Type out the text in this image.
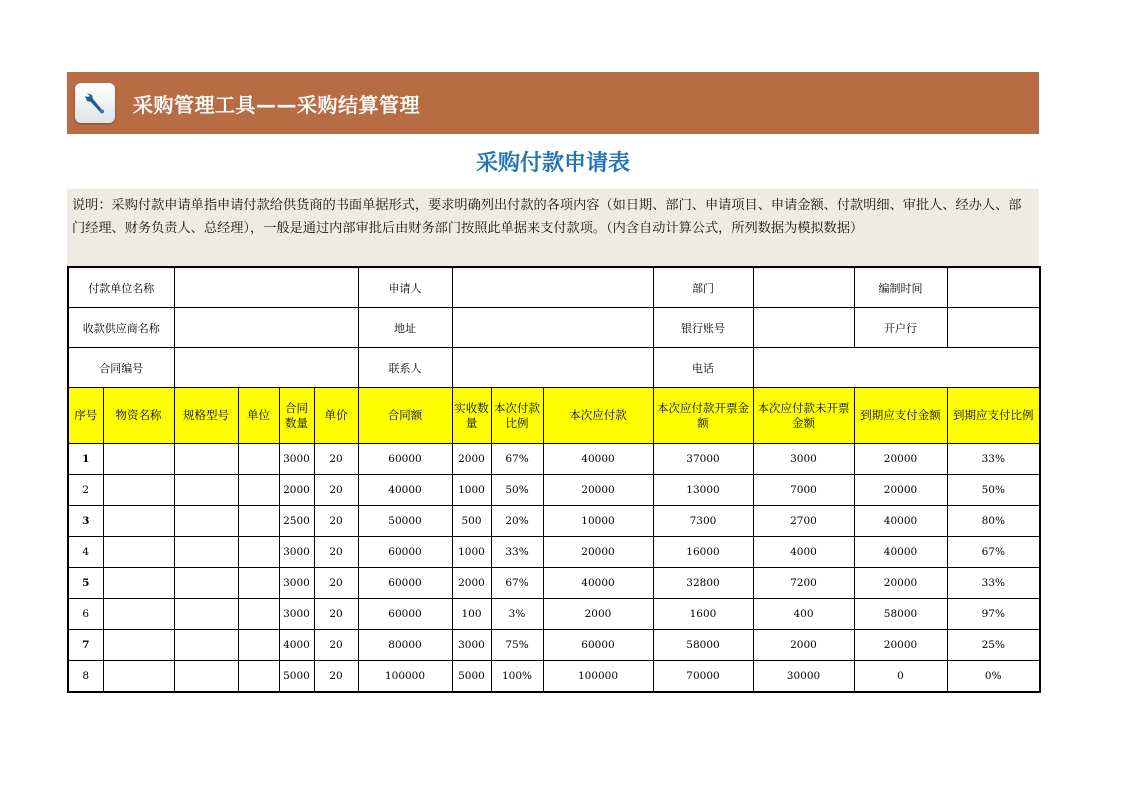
采购管理工具——采购结算管理
采购付款申请表
说明：采购付款申请单指申请付款给供货商的书面单据形式，要求明确列出付款的各项内容（如日期、部门、申请项目、申请金额、付款明细、审批人、经办人、部门经理、财务负责人、总经理），一般是通过内部审批后由财务部门按照此单据来支付款项。（内含自动计算公式，所列数据为模拟数据）
付款单位名称						申请人				部门		编制时间	
收款供应商名称						地址				银行账号		开户行	
合同编号						联系人				电话			
序号	物资名称	规格型号	单位	合同数量	单价	合同额	实收数量	本次付款比例	本次应付款	本次应付款开票金额	本次应付款未开票金额	到期应支付金额	到期应支付比例
1				3000	20	60000	2000	67%	40000	37000	3000	20000	33%
2				2000	20	40000	1000	50%	20000	13000	7000	20000	50%
3				2500	20	50000	500	20%	10000	7300	2700	40000	80%
4				3000	20	60000	1000	33%	20000	16000	4000	40000	67%
5				3000	20	60000	2000	67%	40000	32800	7200	20000	33%
6				3000	20	60000	100	3%	2000	1600	400	58000	97%
7				4000	20	80000	3000	75%	60000	58000	2000	20000	25%
8				5000	20	100000	5000	100%	100000	70000	30000	0	0%
